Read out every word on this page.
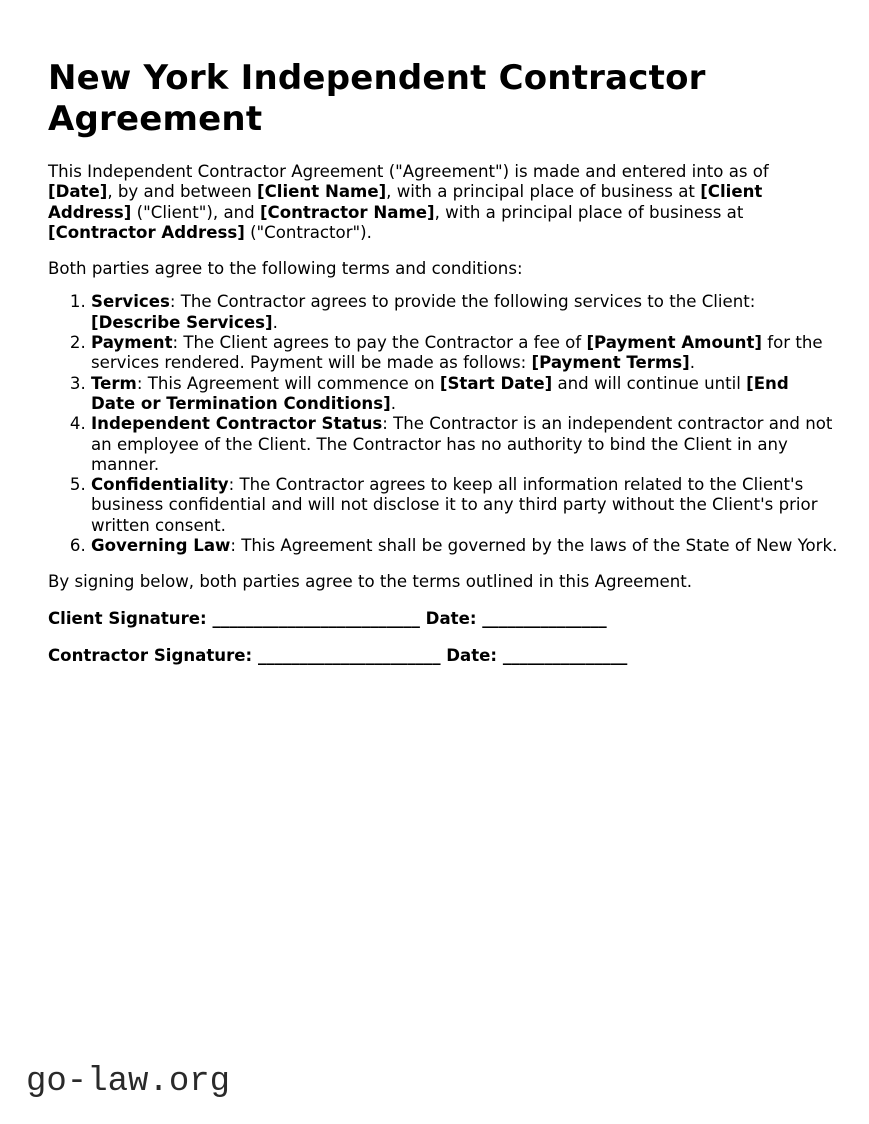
New York Independent Contractor Agreement

This Independent Contractor Agreement ("Agreement") is made and entered into as of [Date], by and between [Client Name], with a principal place of business at [Client Address] ("Client"), and [Contractor Name], with a principal place of business at [Contractor Address] ("Contractor").

Both parties agree to the following terms and conditions:

1. Services: The Contractor agrees to provide the following services to the Client: [Describe Services].
2. Payment: The Client agrees to pay the Contractor a fee of [Payment Amount] for the services rendered. Payment will be made as follows: [Payment Terms].
3. Term: This Agreement will commence on [Start Date] and will continue until [End Date or Termination Conditions].
4. Independent Contractor Status: The Contractor is an independent contractor and not an employee of the Client. The Contractor has no authority to bind the Client in any manner.
5. Confidentiality: The Contractor agrees to keep all information related to the Client's business confidential and will not disclose it to any third party without the Client's prior written consent.
6. Governing Law: This Agreement shall be governed by the laws of the State of New York.

By signing below, both parties agree to the terms outlined in this Agreement.

Client Signature: _________________________ Date: _______________
Contractor Signature: ______________________ Date: _______________
go-law.org
